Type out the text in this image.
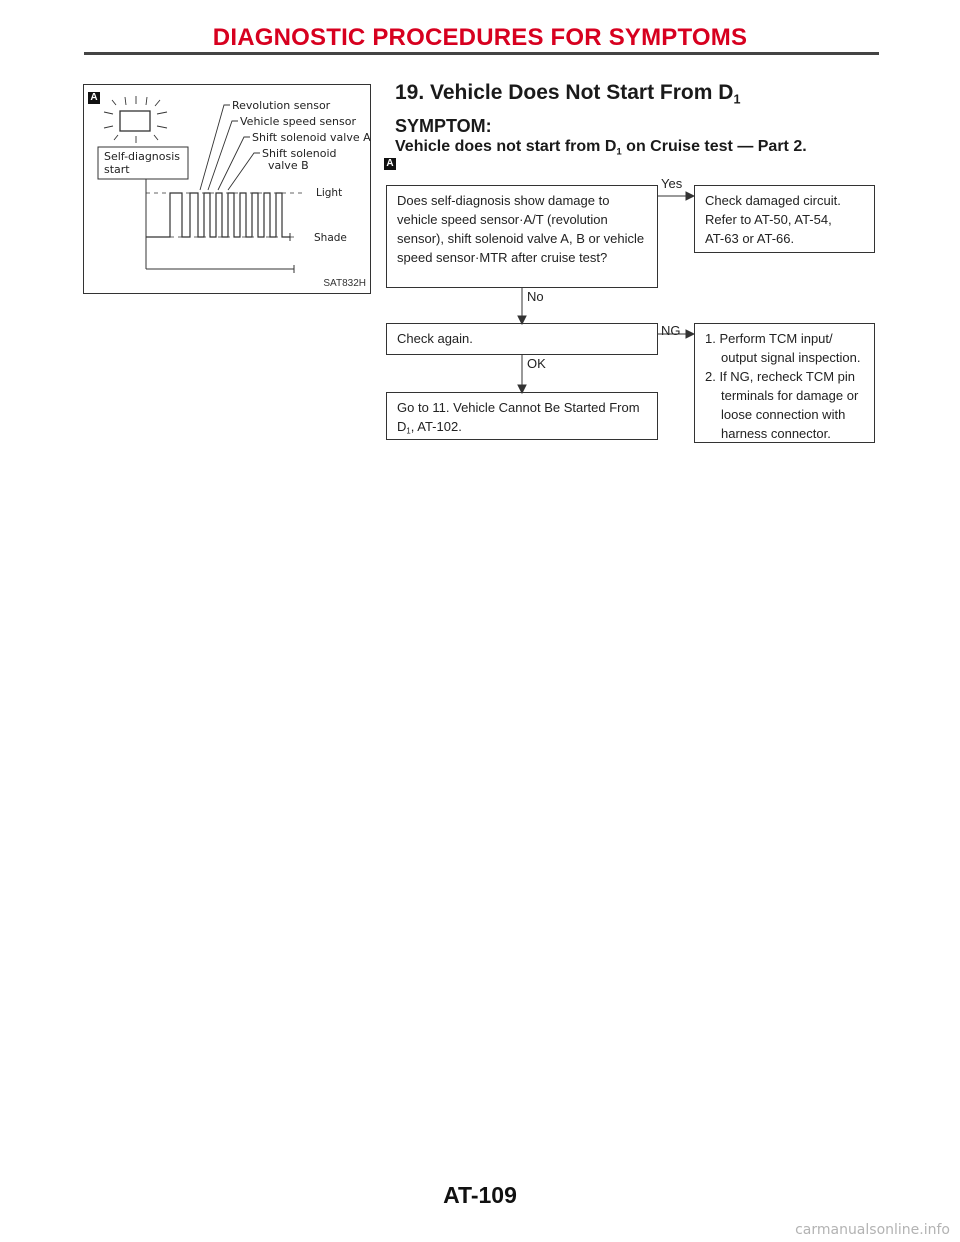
DIAGNOSTIC PROCEDURES FOR SYMPTOMS
A
Self-diagnosis
start
Revolution sensor
Vehicle speed sensor
Shift solenoid valve A
Shift solenoid
valve B
Light
Shade
SAT832H
19. Vehicle Does Not Start From $D_1$
SYMPTOM:
Vehicle does not start from $D_1$ on Cruise test — Part 2.
A
Does self-diagnosis show damage to vehicle speed sensor·A/T (revolution sensor), shift solenoid valve A, B or vehicle speed sensor·MTR after cruise test?
Yes
No
Check damaged circuit.
Refer to AT-50, AT-54,
AT-63 or AT-66.
Check again.
NG
OK
Go to 11. Vehicle Cannot Be Started From $D_1$, AT-102.
1. Perform TCM input/ output signal inspection.
2. If NG, recheck TCM pin terminals for damage or loose connection with harness connector.
AT-109
carmanualsonline.info
